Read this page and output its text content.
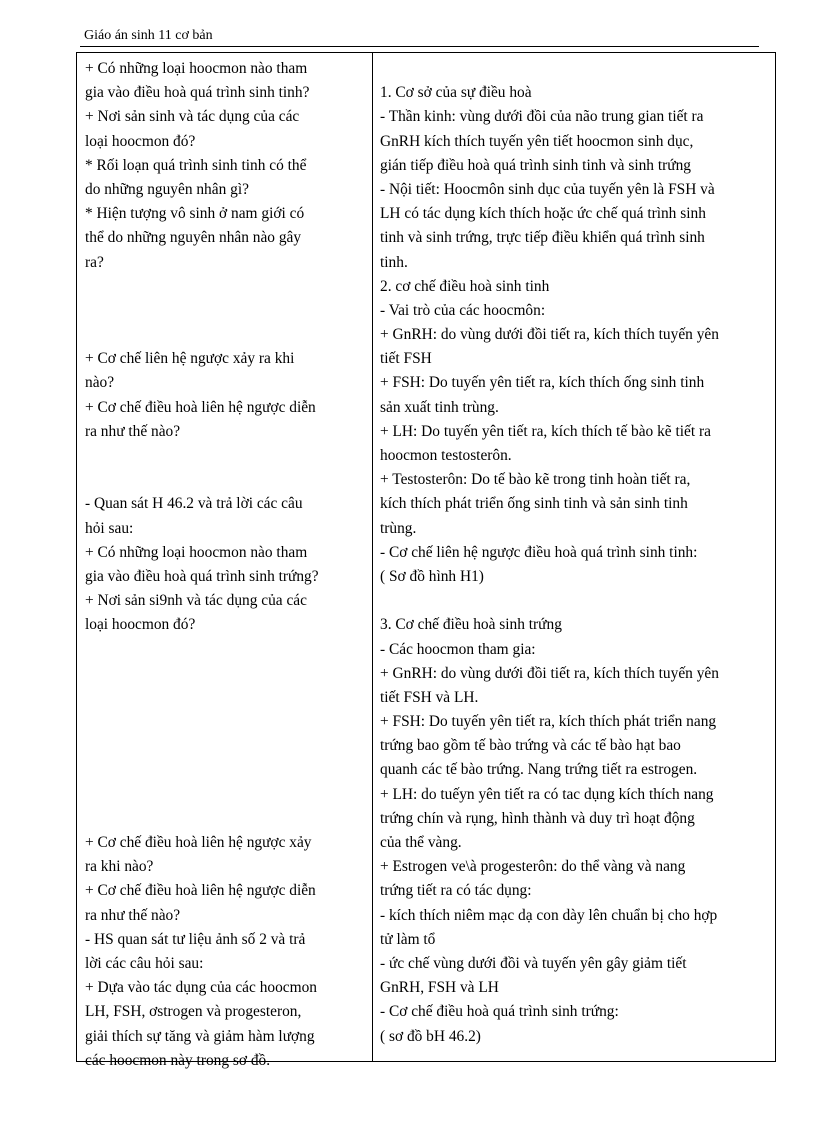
Giáo án sinh 11 cơ bản
+ Có những loại hoocmon nào tham
gia vào điều hoà quá trình sinh tinh?
+ Nơi sản sinh và tác dụng của các
loại hoocmon đó?
* Rối loạn quá trình sinh tinh có thể
do những nguyên nhân gì?
* Hiện tượng vô sinh ở nam giới có
thể do những nguyên nhân nào gây
ra?
+ Cơ chế liên hệ ngược xảy ra khi
nào?
+ Cơ chế điều hoà liên hệ ngược diễn
ra như thế nào?
- Quan sát H 46.2 và trả lời các câu
hỏi sau:
+ Có những loại hoocmon nào tham
gia vào điều hoà quá trình sinh trứng?
+ Nơi sản si9nh và tác dụng của các
loại hoocmon đó?
+ Cơ chế điều hoà liên hệ ngược xảy
ra khi nào?
+ Cơ chế điều hoà liên hệ ngược diễn
ra như thế nào?
- HS quan sát tư liệu ảnh số 2 và trả
lời các câu hỏi sau:
+ Dựa vào tác dụng của các hoocmon
LH, FSH, ơstrogen và progesteron,
giải thích sự tăng và giảm hàm lượng
các hoocmon này trong sơ đồ.
1. Cơ sở của sự điều hoà
- Thần kinh: vùng dưới đồi của não trung gian tiết ra
GnRH kích thích tuyến yên tiết hoocmon sinh dục,
gián tiếp điều hoà quá trình sinh tinh và sinh trứng
- Nội tiết: Hoocmôn sinh dục của tuyến yên là FSH và
LH có tác dụng kích thích hoặc ức chế quá trình sinh
tinh và sinh trứng, trực tiếp điều khiển quá trình sinh
tinh.
2. cơ chế điều hoà sinh tinh
- Vai trò của các hoocmôn:
+ GnRH: do vùng dưới đồi tiết ra, kích thích tuyến yên
tiết FSH
+ FSH: Do tuyến yên tiết ra, kích thích ống sinh tinh
sản xuất tinh trùng.
+ LH: Do tuyến yên tiết ra, kích thích tế bào kẽ tiết ra
hoocmon testosterôn.
+ Testosterôn: Do tế bào kẽ trong tinh hoàn tiết ra,
kích thích phát triển ống sinh tinh và sản sinh tinh
trùng.
- Cơ chế liên hệ ngược điều hoà quá trình sinh tinh:
( Sơ đồ hình H1)
3. Cơ chế điều hoà sinh trứng
- Các hoocmon tham gia:
+ GnRH: do vùng dưới đồi tiết ra, kích thích tuyến yên
tiết FSH và LH.
+ FSH: Do tuyến yên tiết ra, kích thích phát triển nang
trứng bao gồm tế bào trứng và các tế bào hạt bao
quanh các tế bào trứng. Nang trứng tiết ra estrogen.
+ LH: do tuếyn yên tiết ra có tac dụng kích thích nang
trứng chín và rụng, hình thành và duy trì hoạt động
của thể vàng.
+ Estrogen ve\à progesterôn: do thể vàng và nang
trứng tiết ra có tác dụng:
- kích thích niêm mạc dạ con dày lên chuẩn bị cho hợp
tử làm tổ
- ức chế vùng dưới đồi và tuyến yên gây giảm tiết
GnRH, FSH và LH
- Cơ chế điều hoà quá trình sinh trứng:
( sơ đồ bH 46.2)
